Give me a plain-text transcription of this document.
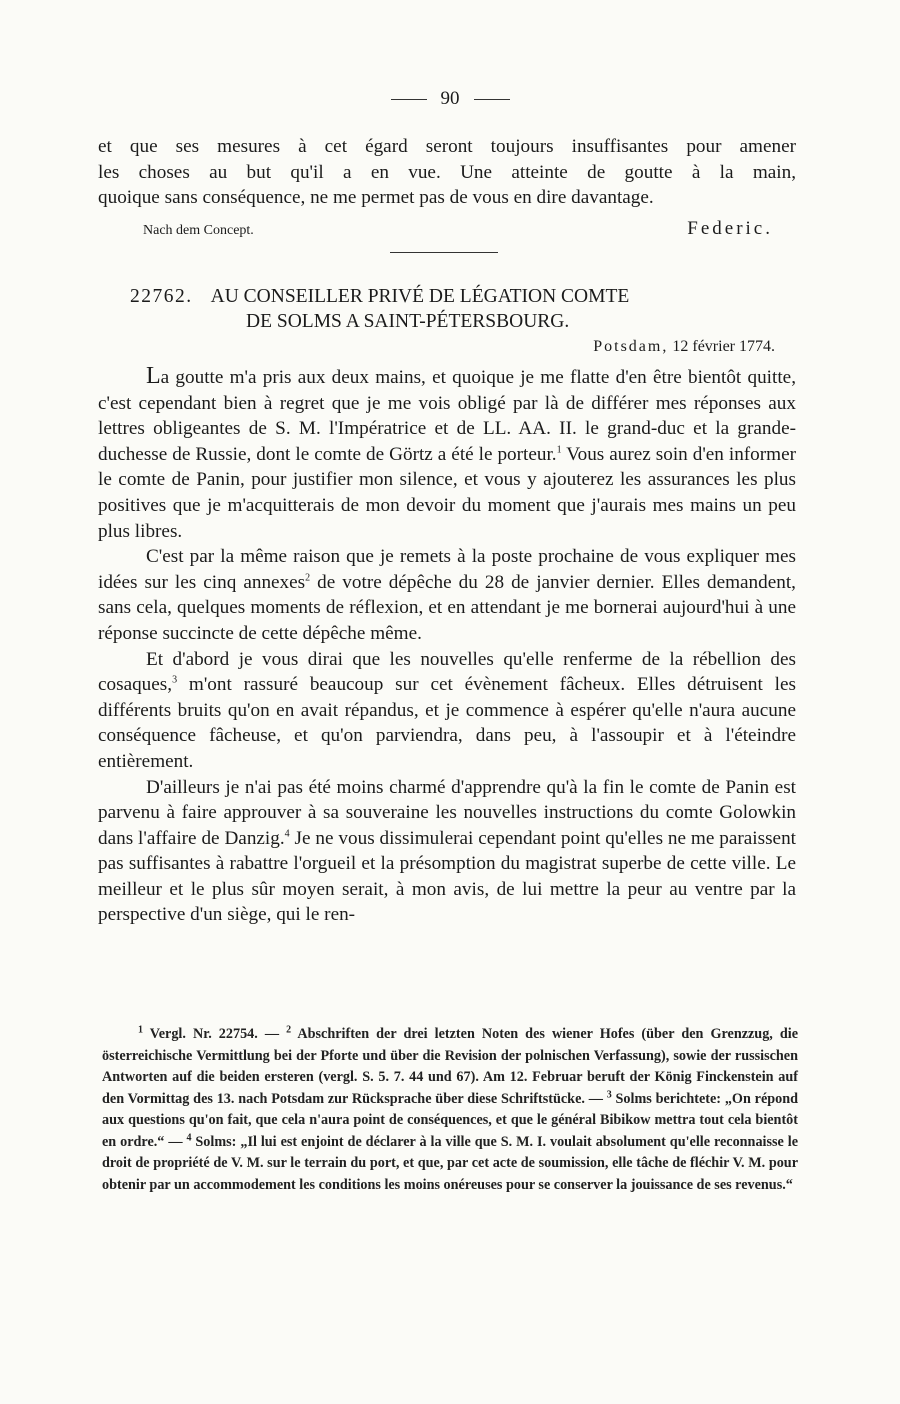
90
et que ses mesures à cet égard seront toujours insuffisantes pour amener
les choses au but qu'il a en vue. Une atteinte de goutte à la main,
quoique sans conséquence, ne me permet pas de vous en dire davantage.
Nach dem Concept.	Federic.
22762. AU CONSEILLER PRIVÉ DE LÉGATION COMTE
DE SOLMS A SAINT-PÉTERSBOURG.
Potsdam, 12 février 1774.

La goutte m'a pris aux deux mains, et quoique je me flatte d'en être bientôt quitte, c'est cependant bien à regret que je me vois obligé par là de différer mes réponses aux lettres obligeantes de S. M. l'Impératrice et de LL. AA. II. le grand-duc et la grande-duchesse de Russie, dont le comte de Görtz a été le porteur.$^1$ Vous aurez soin d'en informer le comte de Panin, pour justifier mon silence, et vous y ajouterez les assurances les plus positives que je m'acquitterais de mon devoir du moment que j'aurais mes mains un peu plus libres.

C'est par la même raison que je remets à la poste prochaine de vous expliquer mes idées sur les cinq annexes$^2$ de votre dépêche du 28 de janvier dernier. Elles demandent, sans cela, quelques moments de réflexion, et en attendant je me bornerai aujourd'hui à une réponse succincte de cette dépêche même.

Et d'abord je vous dirai que les nouvelles qu'elle renferme de la rébellion des cosaques,$^3$ m'ont rassuré beaucoup sur cet évènement fâcheux. Elles détruisent les différents bruits qu'on en avait répandus, et je commence à espérer qu'elle n'aura aucune conséquence fâcheuse, et qu'on parviendra, dans peu, à l'assoupir et à l'éteindre entièrement.

D'ailleurs je n'ai pas été moins charmé d'apprendre qu'à la fin le comte de Panin est parvenu à faire approuver à sa souveraine les nouvelles instructions du comte Golowkin dans l'affaire de Danzig.$^4$ Je ne vous dissimulerai cependant point qu'elles ne me paraissent pas suffisantes à rabattre l'orgueil et la présomption du magistrat superbe de cette ville. Le meilleur et le plus sûr moyen serait, à mon avis, de lui mettre la peur au ventre par la perspective d'un siège, qui le ren-

$^1$ Vergl. Nr. 22754. — $^2$ Abschriften der drei letzten Noten des wiener Hofes (über den Grenzzug, die österreichische Vermittlung bei der Pforte und über die Revision der polnischen Verfassung), sowie der russischen Antworten auf die beiden ersteren (vergl. S. 5. 7. 44 und 67). Am 12. Februar beruft der König Finckenstein auf den Vormittag des 13. nach Potsdam zur Rücksprache über diese Schriftstücke. — $^3$ Solms berichtete: „On répond aux questions qu'on fait, que cela n'aura point de conséquences, et que le général Bibikow mettra tout cela bientôt en ordre.“ — $^4$ Solms: „Il lui est enjoint de déclarer à la ville que S. M. I. voulait absolument qu'elle reconnaisse le droit de propriété de V. M. sur le terrain du port, et que, par cet acte de soumission, elle tâche de fléchir V. M. pour obtenir par un accommodement les conditions les moins onéreuses pour se conserver la jouissance de ses revenus.“
